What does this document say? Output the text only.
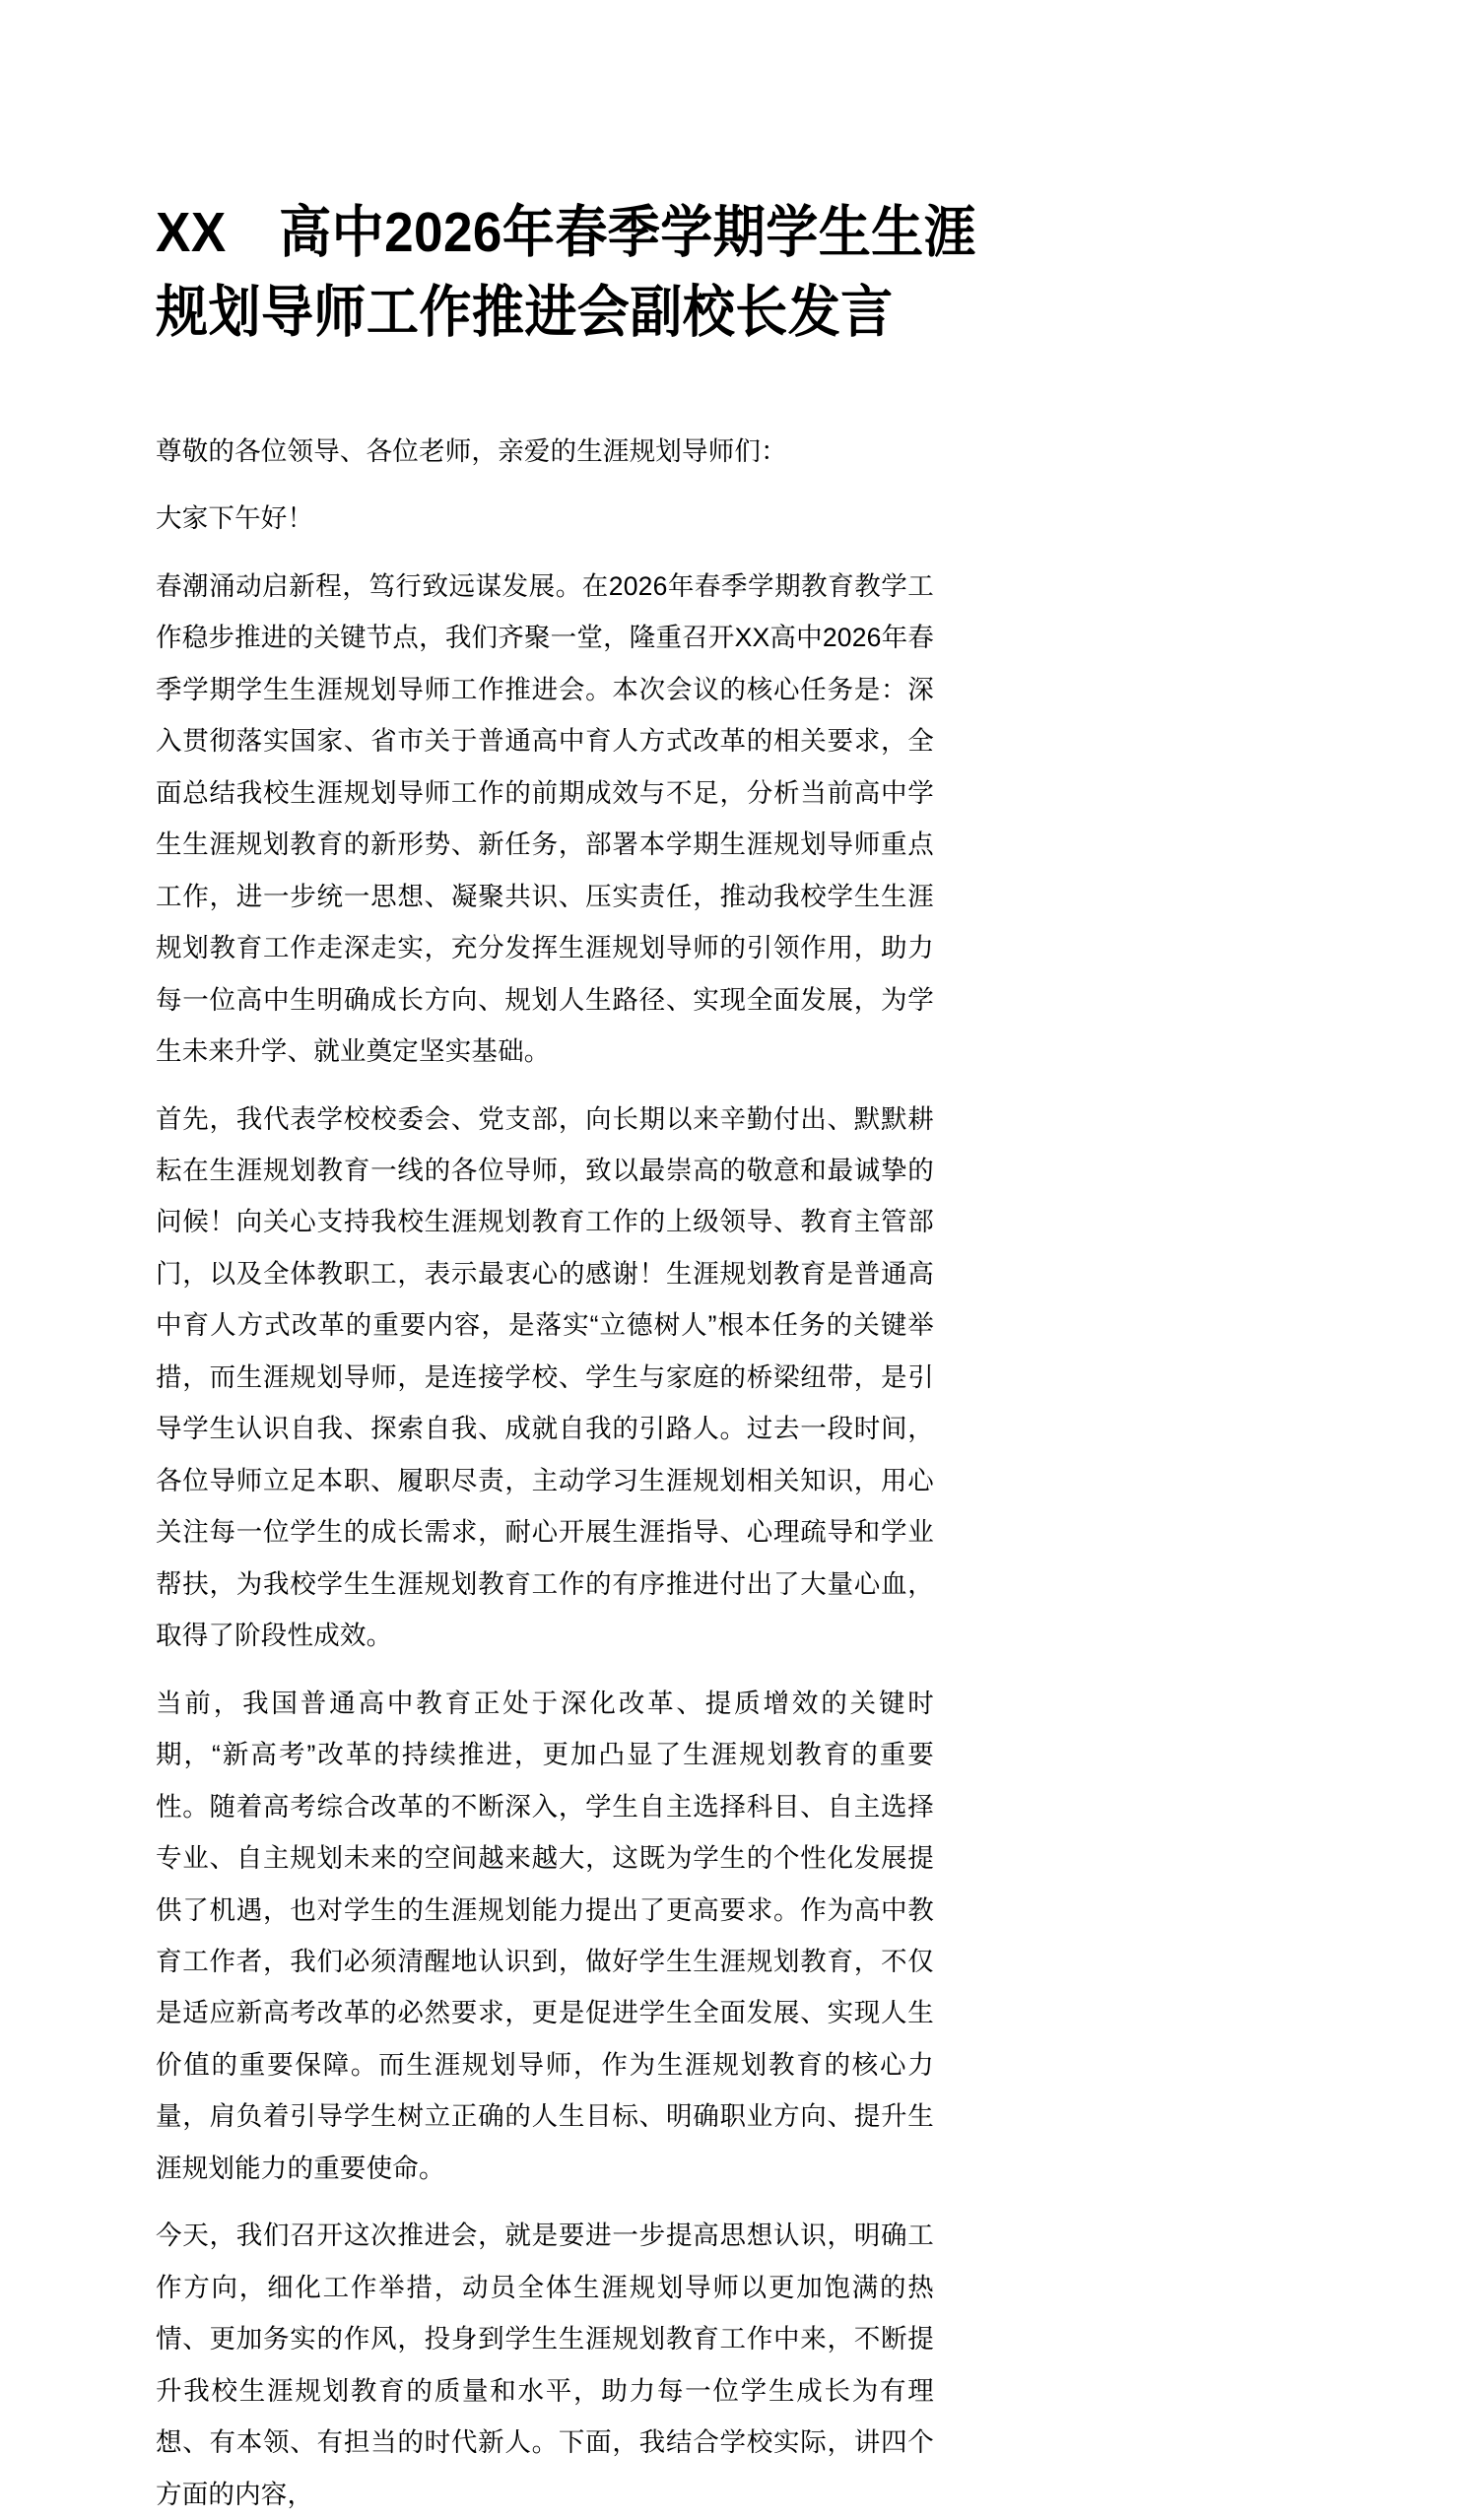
XX　高中2026年春季学期学生生涯
规划导师工作推进会副校长发言

尊敬的各位领导、各位老师，亲爱的生涯规划导师们：

大家下午好！

春潮涌动启新程，笃行致远谋发展。在2026年春季学期教育教学工作稳步推进的关键节点，我们齐聚一堂，隆重召开XX高中2026年春季学期学生生涯规划导师工作推进会。本次会议的核心任务是：深入贯彻落实国家、省市关于普通高中育人方式改革的相关要求，全面总结我校生涯规划导师工作的前期成效与不足，分析当前高中学生生涯规划教育的新形势、新任务，部署本学期生涯规划导师重点工作，进一步统一思想、凝聚共识、压实责任，推动我校学生生涯规划教育工作走深走实，充分发挥生涯规划导师的引领作用，助力每一位高中生明确成长方向、规划人生路径、实现全面发展，为学生未来升学、就业奠定坚实基础。

首先，我代表学校校委会、党支部，向长期以来辛勤付出、默默耕耘在生涯规划教育一线的各位导师，致以最崇高的敬意和最诚挚的问候！向关心支持我校生涯规划教育工作的上级领导、教育主管部门，以及全体教职工，表示最衷心的感谢！生涯规划教育是普通高中育人方式改革的重要内容，是落实“立德树人”根本任务的关键举措，而生涯规划导师，是连接学校、学生与家庭的桥梁纽带，是引导学生认识自我、探索自我、成就自我的引路人。过去一段时间，各位导师立足本职、履职尽责，主动学习生涯规划相关知识，用心关注每一位学生的成长需求，耐心开展生涯指导、心理疏导和学业帮扶，为我校学生生涯规划教育工作的有序推进付出了大量心血，取得了阶段性成效。

当前，我国普通高中教育正处于深化改革、提质增效的关键时期，“新高考”改革的持续推进，更加凸显了生涯规划教育的重要性。随着高考综合改革的不断深入，学生自主选择科目、自主选择专业、自主规划未来的空间越来越大，这既为学生的个性化发展提供了机遇，也对学生的生涯规划能力提出了更高要求。作为高中教育工作者，我们必须清醒地认识到，做好学生生涯规划教育，不仅是适应新高考改革的必然要求，更是促进学生全面发展、实现人生价值的重要保障。而生涯规划导师，作为生涯规划教育的核心力量，肩负着引导学生树立正确的人生目标、明确职业方向、提升生涯规划能力的重要使命。

今天，我们召开这次推进会，就是要进一步提高思想认识，明确工作方向，细化工作举措，动员全体生涯规划导师以更加饱满的热情、更加务实的作风，投身到学生生涯规划教育工作中来，不断提升我校生涯规划教育的质量和水平，助力每一位学生成长为有理想、有本领、有担当的时代新人。下面，我结合学校实际，讲四个方面的内容，
